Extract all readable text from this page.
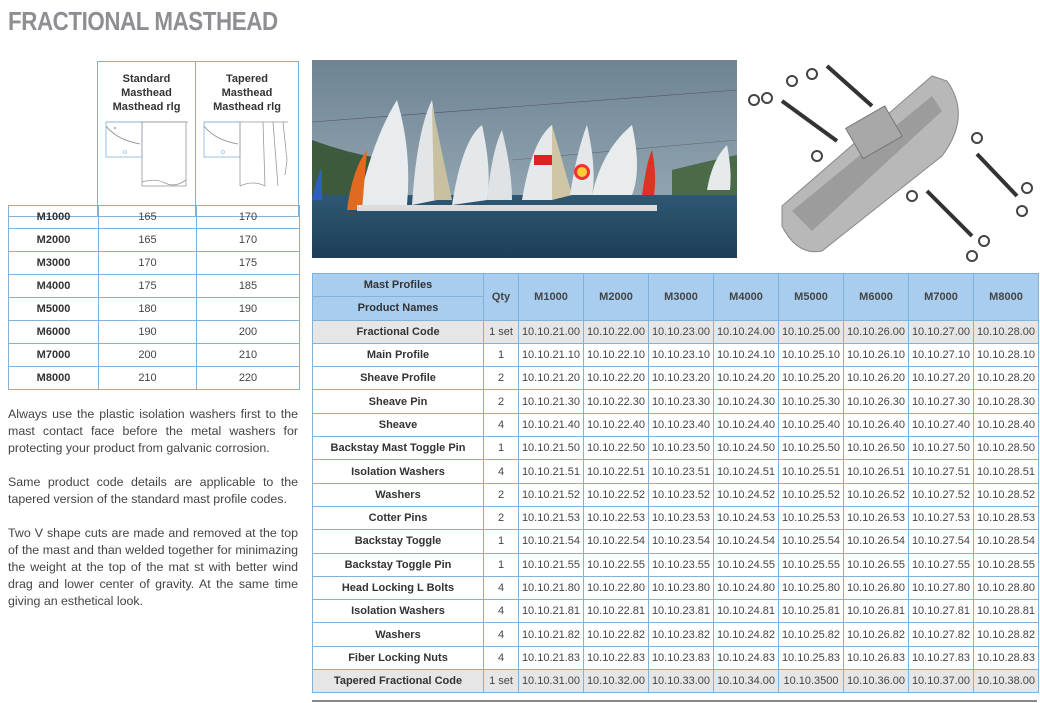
FRACTIONAL MASTHEAD

Standard
Masthead
Masthead rlg

Tapered
Masthead
Masthead rlg
M1000	165	170
M2000	165	170
M3000	170	175
M4000	175	185
M5000	180	190
M6000	190	200
M7000	200	210
M8000	210	220

Always use the plastic isolation washers first to the mast contact face before the metal washers for protecting your product from galvanic corrosion.

Same product code details are applicable to the tapered version of the standard mast profile codes.

Two V shape cuts are made and removed at the top of the mast and than welded together for minimazing the weight at the top of the mat st with better wind drag and lower center of gravity. At the same time giving an esthetical look.

Mast Profiles	Qty	M1000	M2000	M3000	M4000	M5000	M6000	M7000	M8000
Product Names									
Fractional Code	1 set	10.10.21.00	10.10.22.00	10.10.23.00	10.10.24.00	10.10.25.00	10.10.26.00	10.10.27.00	10.10.28.00
Main Profile	1	10.10.21.10	10.10.22.10	10.10.23.10	10.10.24.10	10.10.25.10	10.10.26.10	10.10.27.10	10.10.28.10
Sheave Profile	2	10.10.21.20	10.10.22.20	10.10.23.20	10.10.24.20	10.10.25.20	10.10.26.20	10.10.27.20	10.10.28.20
Sheave Pin	2	10.10.21.30	10.10.22.30	10.10.23.30	10.10.24.30	10.10.25.30	10.10.26.30	10.10.27.30	10.10.28.30
Sheave	4	10.10.21.40	10.10.22.40	10.10.23.40	10.10.24.40	10.10.25.40	10.10.26.40	10.10.27.40	10.10.28.40
Backstay Mast Toggle Pin	1	10.10.21.50	10.10.22.50	10.10.23.50	10.10.24.50	10.10.25.50	10.10.26.50	10.10.27.50	10.10.28.50
Isolation Washers	4	10.10.21.51	10.10.22.51	10.10.23.51	10.10.24.51	10.10.25.51	10.10.26.51	10.10.27.51	10.10.28.51
Washers	2	10.10.21.52	10.10.22.52	10.10.23.52	10.10.24.52	10.10.25.52	10.10.26.52	10.10.27.52	10.10.28.52
Cotter Pins	2	10.10.21.53	10.10.22.53	10.10.23.53	10.10.24.53	10.10.25.53	10.10.26.53	10.10.27.53	10.10.28.53
Backstay Toggle	1	10.10.21.54	10.10.22.54	10.10.23.54	10.10.24.54	10.10.25.54	10.10.26.54	10.10.27.54	10.10.28.54
Backstay Toggle Pin	1	10.10.21.55	10.10.22.55	10.10.23.55	10.10.24.55	10.10.25.55	10.10.26.55	10.10.27.55	10.10.28.55
Head Locking L Bolts	4	10.10.21.80	10.10.22.80	10.10.23.80	10.10.24.80	10.10.25.80	10.10.26.80	10.10.27.80	10.10.28.80
Isolation Washers	4	10.10.21.81	10.10.22.81	10.10.23.81	10.10.24.81	10.10.25.81	10.10.26.81	10.10.27.81	10.10.28.81
Washers	4	10.10.21.82	10.10.22.82	10.10.23.82	10.10.24.82	10.10.25.82	10.10.26.82	10.10.27.82	10.10.28.82
Fiber Locking Nuts	4	10.10.21.83	10.10.22.83	10.10.23.83	10.10.24.83	10.10.25.83	10.10.26.83	10.10.27.83	10.10.28.83
Tapered Fractional Code	1 set	10.10.31.00	10.10.32.00	10.10.33.00	10.10.34.00	10.10.3500	10.10.36.00	10.10.37.00	10.10.38.00
